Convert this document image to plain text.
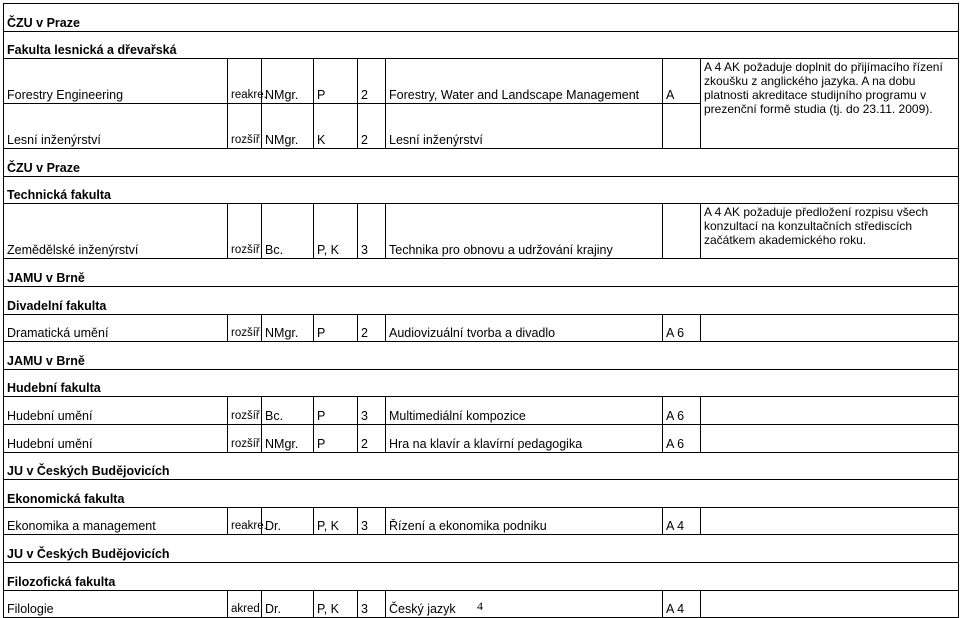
ČZU v Praze							
Fakulta lesnická a dřevařská							
Forestry Engineering	reakre.	NMgr.	P	2	Forestry, Water and Landscape Management	A	A 4 AK požaduje doplnit do přijímacího řízení zkoušku z anglického jazyka. A na dobu platnosti akreditace studijního programu v prezenční formě studia (tj. do 23.11. 2009).
Lesní inženýrství	rozšíř.	NMgr.	K	2	Lesní inženýrství		
ČZU v Praze							
Technická fakulta							
Zemědělské inženýrství	rozšíř.	Bc.	P, K	3	Technika pro obnovu a udržování krajiny		A 4 AK požaduje předložení rozpisu všech konzultací na konzultačních střediscích začátkem akademického roku.
JAMU v Brně							
Divadelní fakulta							
Dramatická umění	rozšíř.	NMgr.	P	2	Audiovizuální tvorba a divadlo	A 6	
JAMU v Brně							
Hudební fakulta							
Hudební umění	rozšíř.	Bc.	P	3	Multimediální kompozice	A 6	
Hudební umění	rozšíř.	NMgr.	P	2	Hra na klavír a klavírní pedagogika	A 6	
JU v Českých Budějovicích							
Ekonomická fakulta							
Ekonomika a management	reakre.	Dr.	P, K	3	Řízení a ekonomika podniku	A 4	
JU v Českých Budějovicích							
Filozofická fakulta							
Filologie	akred.	Dr.	P, K	3	Český jazyk	A 4	
4
